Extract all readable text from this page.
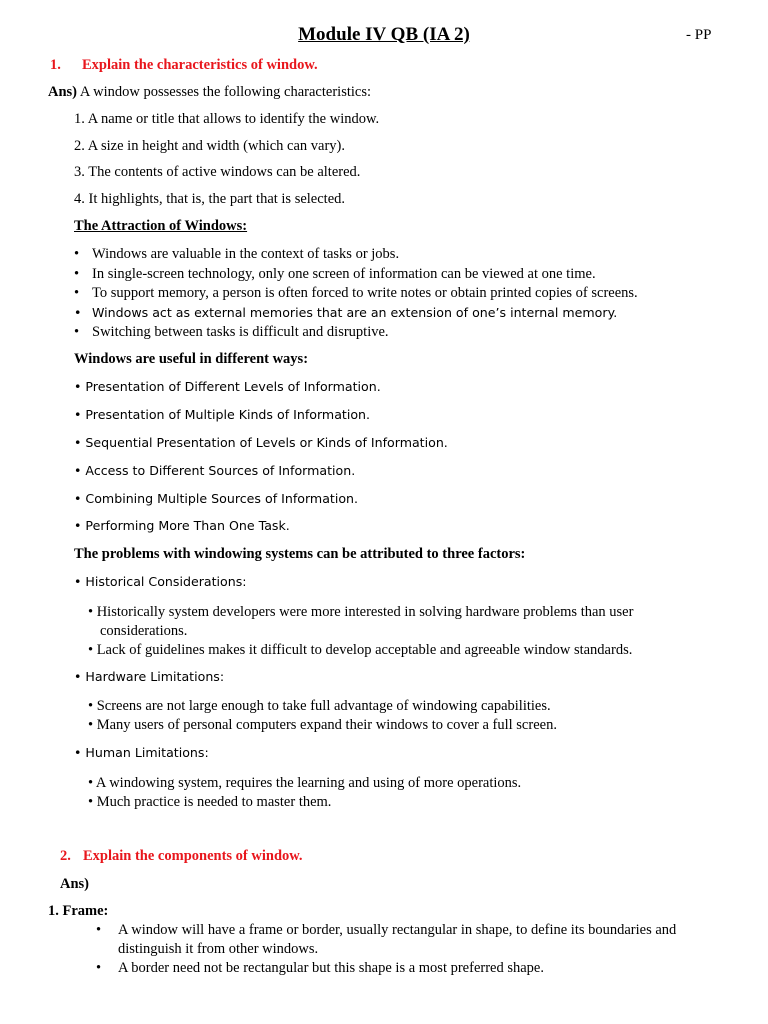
Module IV QB (IA 2)	- PP
1. Explain the characteristics of window.
Ans) A window possesses the following characteristics:
1. A name or title that allows to identify the window.
2. A size in height and width (which can vary).
3. The contents of active windows can be altered.
4. It highlights, that is, the part that is selected.
The Attraction of Windows:
• Windows are valuable in the context of tasks or jobs.
• In single-screen technology, only one screen of information can be viewed at one time.
• To support memory, a person is often forced to write notes or obtain printed copies of screens.
• Windows act as external memories that are an extension of one’s internal memory.
• Switching between tasks is difficult and disruptive.
Windows are useful in different ways:
• Presentation of Different Levels of Information.
• Presentation of Multiple Kinds of Information.
• Sequential Presentation of Levels or Kinds of Information.
• Access to Different Sources of Information.
• Combining Multiple Sources of Information.
• Performing More Than One Task.
The problems with windowing systems can be attributed to three factors:
• Historical Considerations:
• Historically system developers were more interested in solving hardware problems than user
considerations.
• Lack of guidelines makes it difficult to develop acceptable and agreeable window standards.
• Hardware Limitations:
• Screens are not large enough to take full advantage of windowing capabilities.
• Many users of personal computers expand their windows to cover a full screen.
• Human Limitations:
• A windowing system, requires the learning and using of more operations.
• Much practice is needed to master them.
2. Explain the components of window.
Ans)
1. Frame:
• A window will have a frame or border, usually rectangular in shape, to define its boundaries and distinguish it from other windows.
• A border need not be rectangular but this shape is a most preferred shape.
